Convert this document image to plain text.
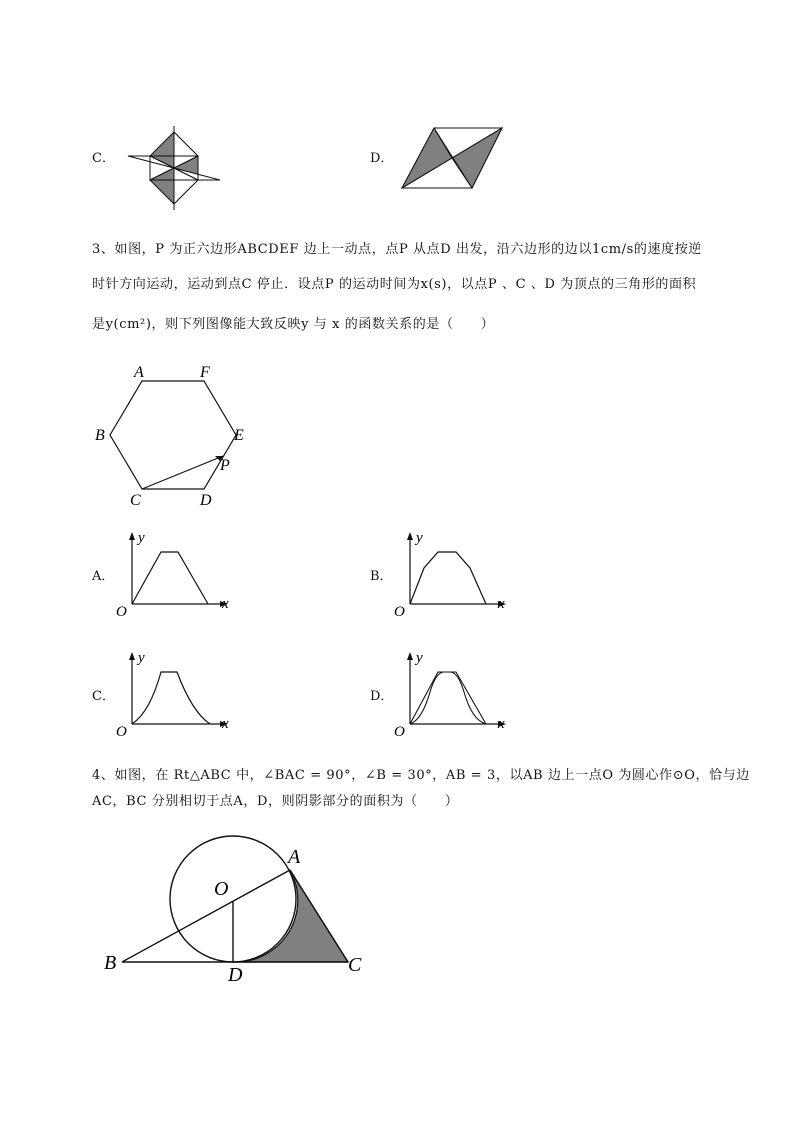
C．	D．
3、如图，P 为正六边形ABCDEF 边上一动点，点P 从点D 出发，沿六边形的边以1cm/s的速度按逆
时针方向运动，运动到点C 停止．设点P 的运动时间为x(s)，以点P 、C 、D 为顶点的三角形的面积
是y(cm²)，则下列图像能大致反映y 与 x 的函数关系的是（　　）
A	F
B	E
P
C	D
A．
y
x
O
B．
y
x
O
C．
y
x
O
D．
y
x
O
4、如图，在 Rt△ABC 中，∠BAC = 90°，∠B = 30°，AB = 3，以AB 边上一点O 为圆心作⊙O，恰与边
AC，BC 分别相切于点A，D，则阴影部分的面积为（　　）
A
O
B
D	C
